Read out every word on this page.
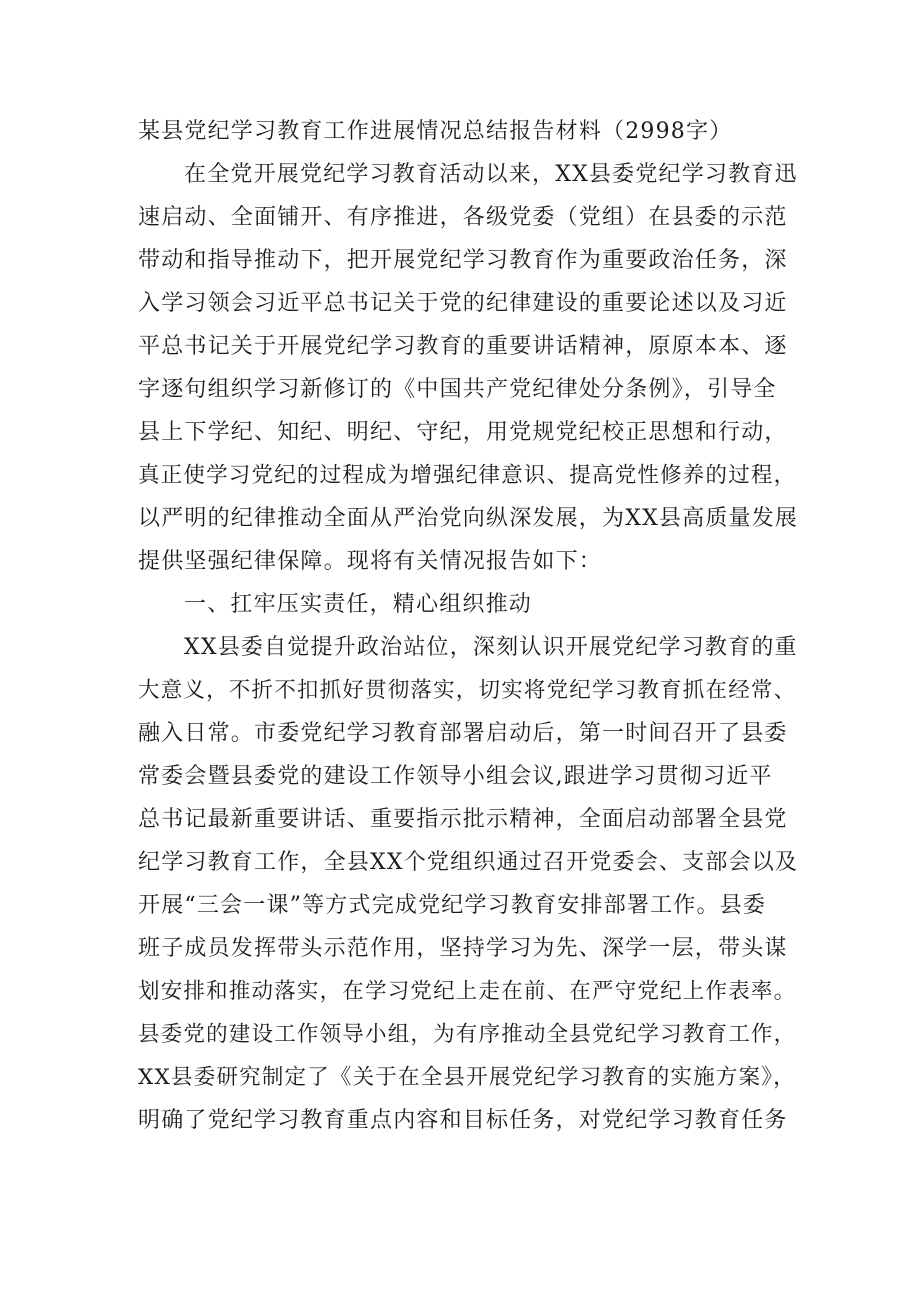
某县党纪学习教育工作进展情况总结报告材料（2998字）
在全党开展党纪学习教育活动以来，XX县委党纪学习教育迅
速启动、全面铺开、有序推进，各级党委（党组）在县委的示范
带动和指导推动下，把开展党纪学习教育作为重要政治任务，深
入学习领会习近平总书记关于党的纪律建设的重要论述以及习近
平总书记关于开展党纪学习教育的重要讲话精神，原原本本、逐
字逐句组织学习新修订的《中国共产党纪律处分条例》，引导全
县上下学纪、知纪、明纪、守纪，用党规党纪校正思想和行动，
真正使学习党纪的过程成为增强纪律意识、提高党性修养的过程，
以严明的纪律推动全面从严治党向纵深发展，为XX县高质量发展
提供坚强纪律保障。现将有关情况报告如下：
一、扛牢压实责任，精心组织推动
XX县委自觉提升政治站位，深刻认识开展党纪学习教育的重
大意义，不折不扣抓好贯彻落实，切实将党纪学习教育抓在经常、
融入日常。市委党纪学习教育部署启动后，第一时间召开了县委
常委会暨县委党的建设工作领导小组会议,跟进学习贯彻习近平
总书记最新重要讲话、重要指示批示精神，全面启动部署全县党
纪学习教育工作，全县XX个党组织通过召开党委会、支部会以及
开展“三会一课”等方式完成党纪学习教育安排部署工作。县委
班子成员发挥带头示范作用，坚持学习为先、深学一层，带头谋
划安排和推动落实，在学习党纪上走在前、在严守党纪上作表率。
县委党的建设工作领导小组，为有序推动全县党纪学习教育工作，
XX县委研究制定了《关于在全县开展党纪学习教育的实施方案》，
明确了党纪学习教育重点内容和目标任务，对党纪学习教育任务
